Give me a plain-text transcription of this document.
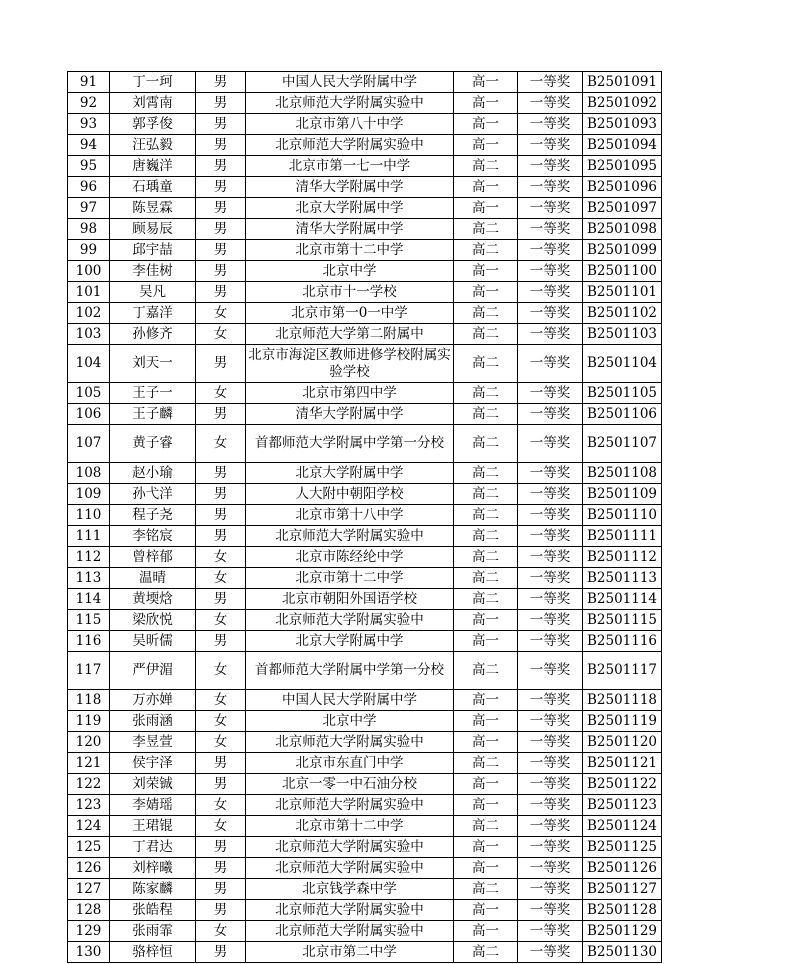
91	丁一珂	男	中国人民大学附属中学	高一	一等奖	B2501091
92	刘霄南	男	北京师范大学附属实验中	高一	一等奖	B2501092
93	郭孚俊	男	北京市第八十中学	高一	一等奖	B2501093
94	汪弘毅	男	北京师范大学附属实验中	高一	一等奖	B2501094
95	唐巍洋	男	北京市第一七一中学	高二	一等奖	B2501095
96	石瑀童	男	清华大学附属中学	高一	一等奖	B2501096
97	陈昱霖	男	北京大学附属中学	高一	一等奖	B2501097
98	顾易辰	男	清华大学附属中学	高二	一等奖	B2501098
99	邱宇喆	男	北京市第十二中学	高二	一等奖	B2501099
100	李佳树	男	北京中学	高一	一等奖	B2501100
101	吴凡	男	北京市十一学校	高一	一等奖	B2501101
102	丁嘉洋	女	北京市第一0一中学	高二	一等奖	B2501102
103	孙修齐	女	北京师范大学第二附属中	高二	一等奖	B2501103
104	刘天一	男	北京市海淀区教师进修学校附属实验学校	高二	一等奖	B2501104
105	王子一	女	北京市第四中学	高二	一等奖	B2501105
106	王子麟	男	清华大学附属中学	高二	一等奖	B2501106
107	黄子睿	女	首都师范大学附属中学第一分校	高二	一等奖	B2501107
108	赵小瑜	男	北京大学附属中学	高二	一等奖	B2501108
109	孙弋洋	男	人大附中朝阳学校	高二	一等奖	B2501109
110	程子尧	男	北京市第十八中学	高二	一等奖	B2501110
111	李铭宸	男	北京师范大学附属实验中	高二	一等奖	B2501111
112	曾梓郁	女	北京市陈经纶中学	高二	一等奖	B2501112
113	温晴	女	北京市第十二中学	高二	一等奖	B2501113
114	黄堧焓	男	北京市朝阳外国语学校	高二	一等奖	B2501114
115	梁欣悦	女	北京师范大学附属实验中	高一	一等奖	B2501115
116	吴昕儒	男	北京大学附属中学	高一	一等奖	B2501116
117	严伊湄	女	首都师范大学附属中学第一分校	高二	一等奖	B2501117
118	万亦婵	女	中国人民大学附属中学	高一	一等奖	B2501118
119	张雨涵	女	北京中学	高一	一等奖	B2501119
120	李昱萱	女	北京师范大学附属实验中	高一	一等奖	B2501120
121	侯宇泽	男	北京市东直门中学	高二	一等奖	B2501121
122	刘荣铖	男	北京一零一中石油分校	高一	一等奖	B2501122
123	李婧瑶	女	北京师范大学附属实验中	高一	一等奖	B2501123
124	王珺锟	女	北京市第十二中学	高二	一等奖	B2501124
125	丁君达	男	北京师范大学附属实验中	高一	一等奖	B2501125
126	刘梓曦	男	北京师范大学附属实验中	高一	一等奖	B2501126
127	陈家麟	男	北京钱学森中学	高二	一等奖	B2501127
128	张皓程	男	北京师范大学附属实验中	高一	一等奖	B2501128
129	张雨霏	女	北京师范大学附属实验中	高一	一等奖	B2501129
130	骆梓恒	男	北京市第二中学	高二	一等奖	B2501130
